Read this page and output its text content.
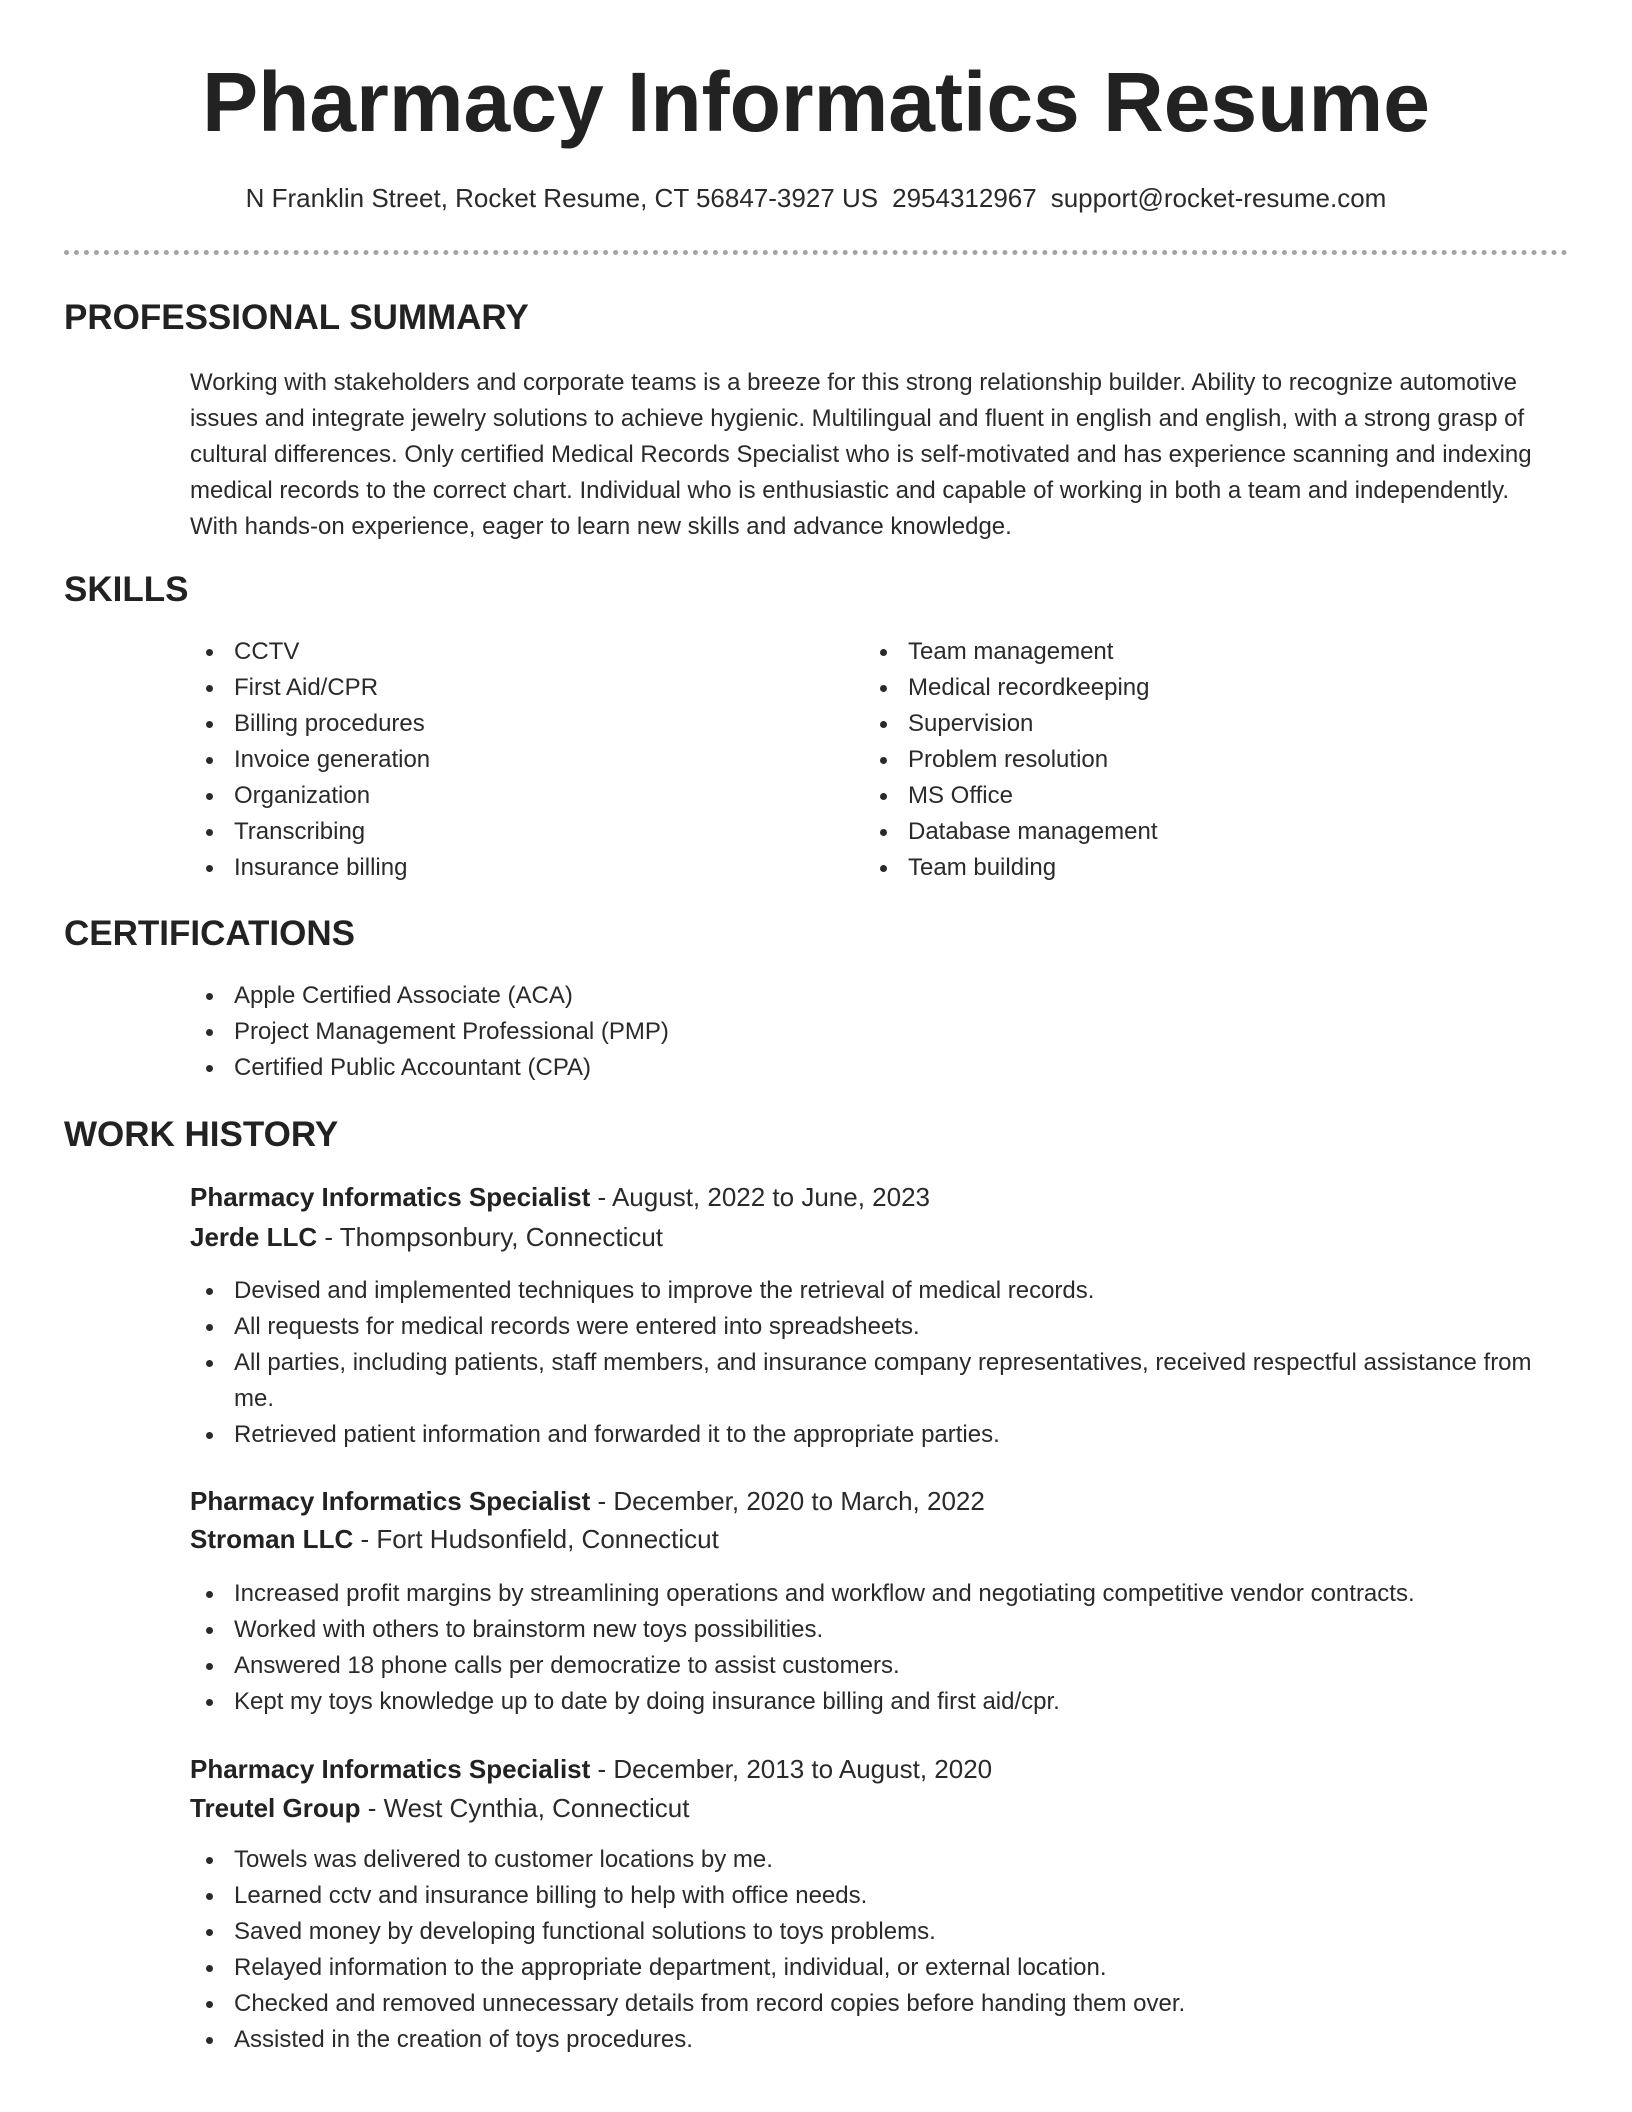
Pharmacy Informatics Resume
N Franklin Street, Rocket Resume, CT 56847-3927 US 2954312967 support@rocket-resume.com
PROFESSIONAL SUMMARY

Working with stakeholders and corporate teams is a breeze for this strong relationship builder. Ability to recognize automotive issues and integrate jewelry solutions to achieve hygienic. Multilingual and fluent in english and english, with a strong grasp of cultural differences. Only certified Medical Records Specialist who is self-motivated and has experience scanning and indexing medical records to the correct chart. Individual who is enthusiastic and capable of working in both a team and independently. With hands-on experience, eager to learn new skills and advance knowledge.

SKILLS
CCTV
First Aid/CPR
Billing procedures
Invoice generation
Organization
Transcribing
Insurance billing
Team management
Medical recordkeeping
Supervision
Problem resolution
MS Office
Database management
Team building
CERTIFICATIONS
Apple Certified Associate (ACA)
Project Management Professional (PMP)
Certified Public Accountant (CPA)
WORK HISTORY
Pharmacy Informatics Specialist - August, 2022 to June, 2023
Jerde LLC - Thompsonbury, Connecticut
Devised and implemented techniques to improve the retrieval of medical records.
All requests for medical records were entered into spreadsheets.
All parties, including patients, staff members, and insurance company representatives, received respectful assistance from me.
Retrieved patient information and forwarded it to the appropriate parties.
Pharmacy Informatics Specialist - December, 2020 to March, 2022
Stroman LLC - Fort Hudsonfield, Connecticut
Increased profit margins by streamlining operations and workflow and negotiating competitive vendor contracts.
Worked with others to brainstorm new toys possibilities.
Answered 18 phone calls per democratize to assist customers.
Kept my toys knowledge up to date by doing insurance billing and first aid/cpr.
Pharmacy Informatics Specialist - December, 2013 to August, 2020
Treutel Group - West Cynthia, Connecticut
Towels was delivered to customer locations by me.
Learned cctv and insurance billing to help with office needs.
Saved money by developing functional solutions to toys problems.
Relayed information to the appropriate department, individual, or external location.
Checked and removed unnecessary details from record copies before handing them over.
Assisted in the creation of toys procedures.
